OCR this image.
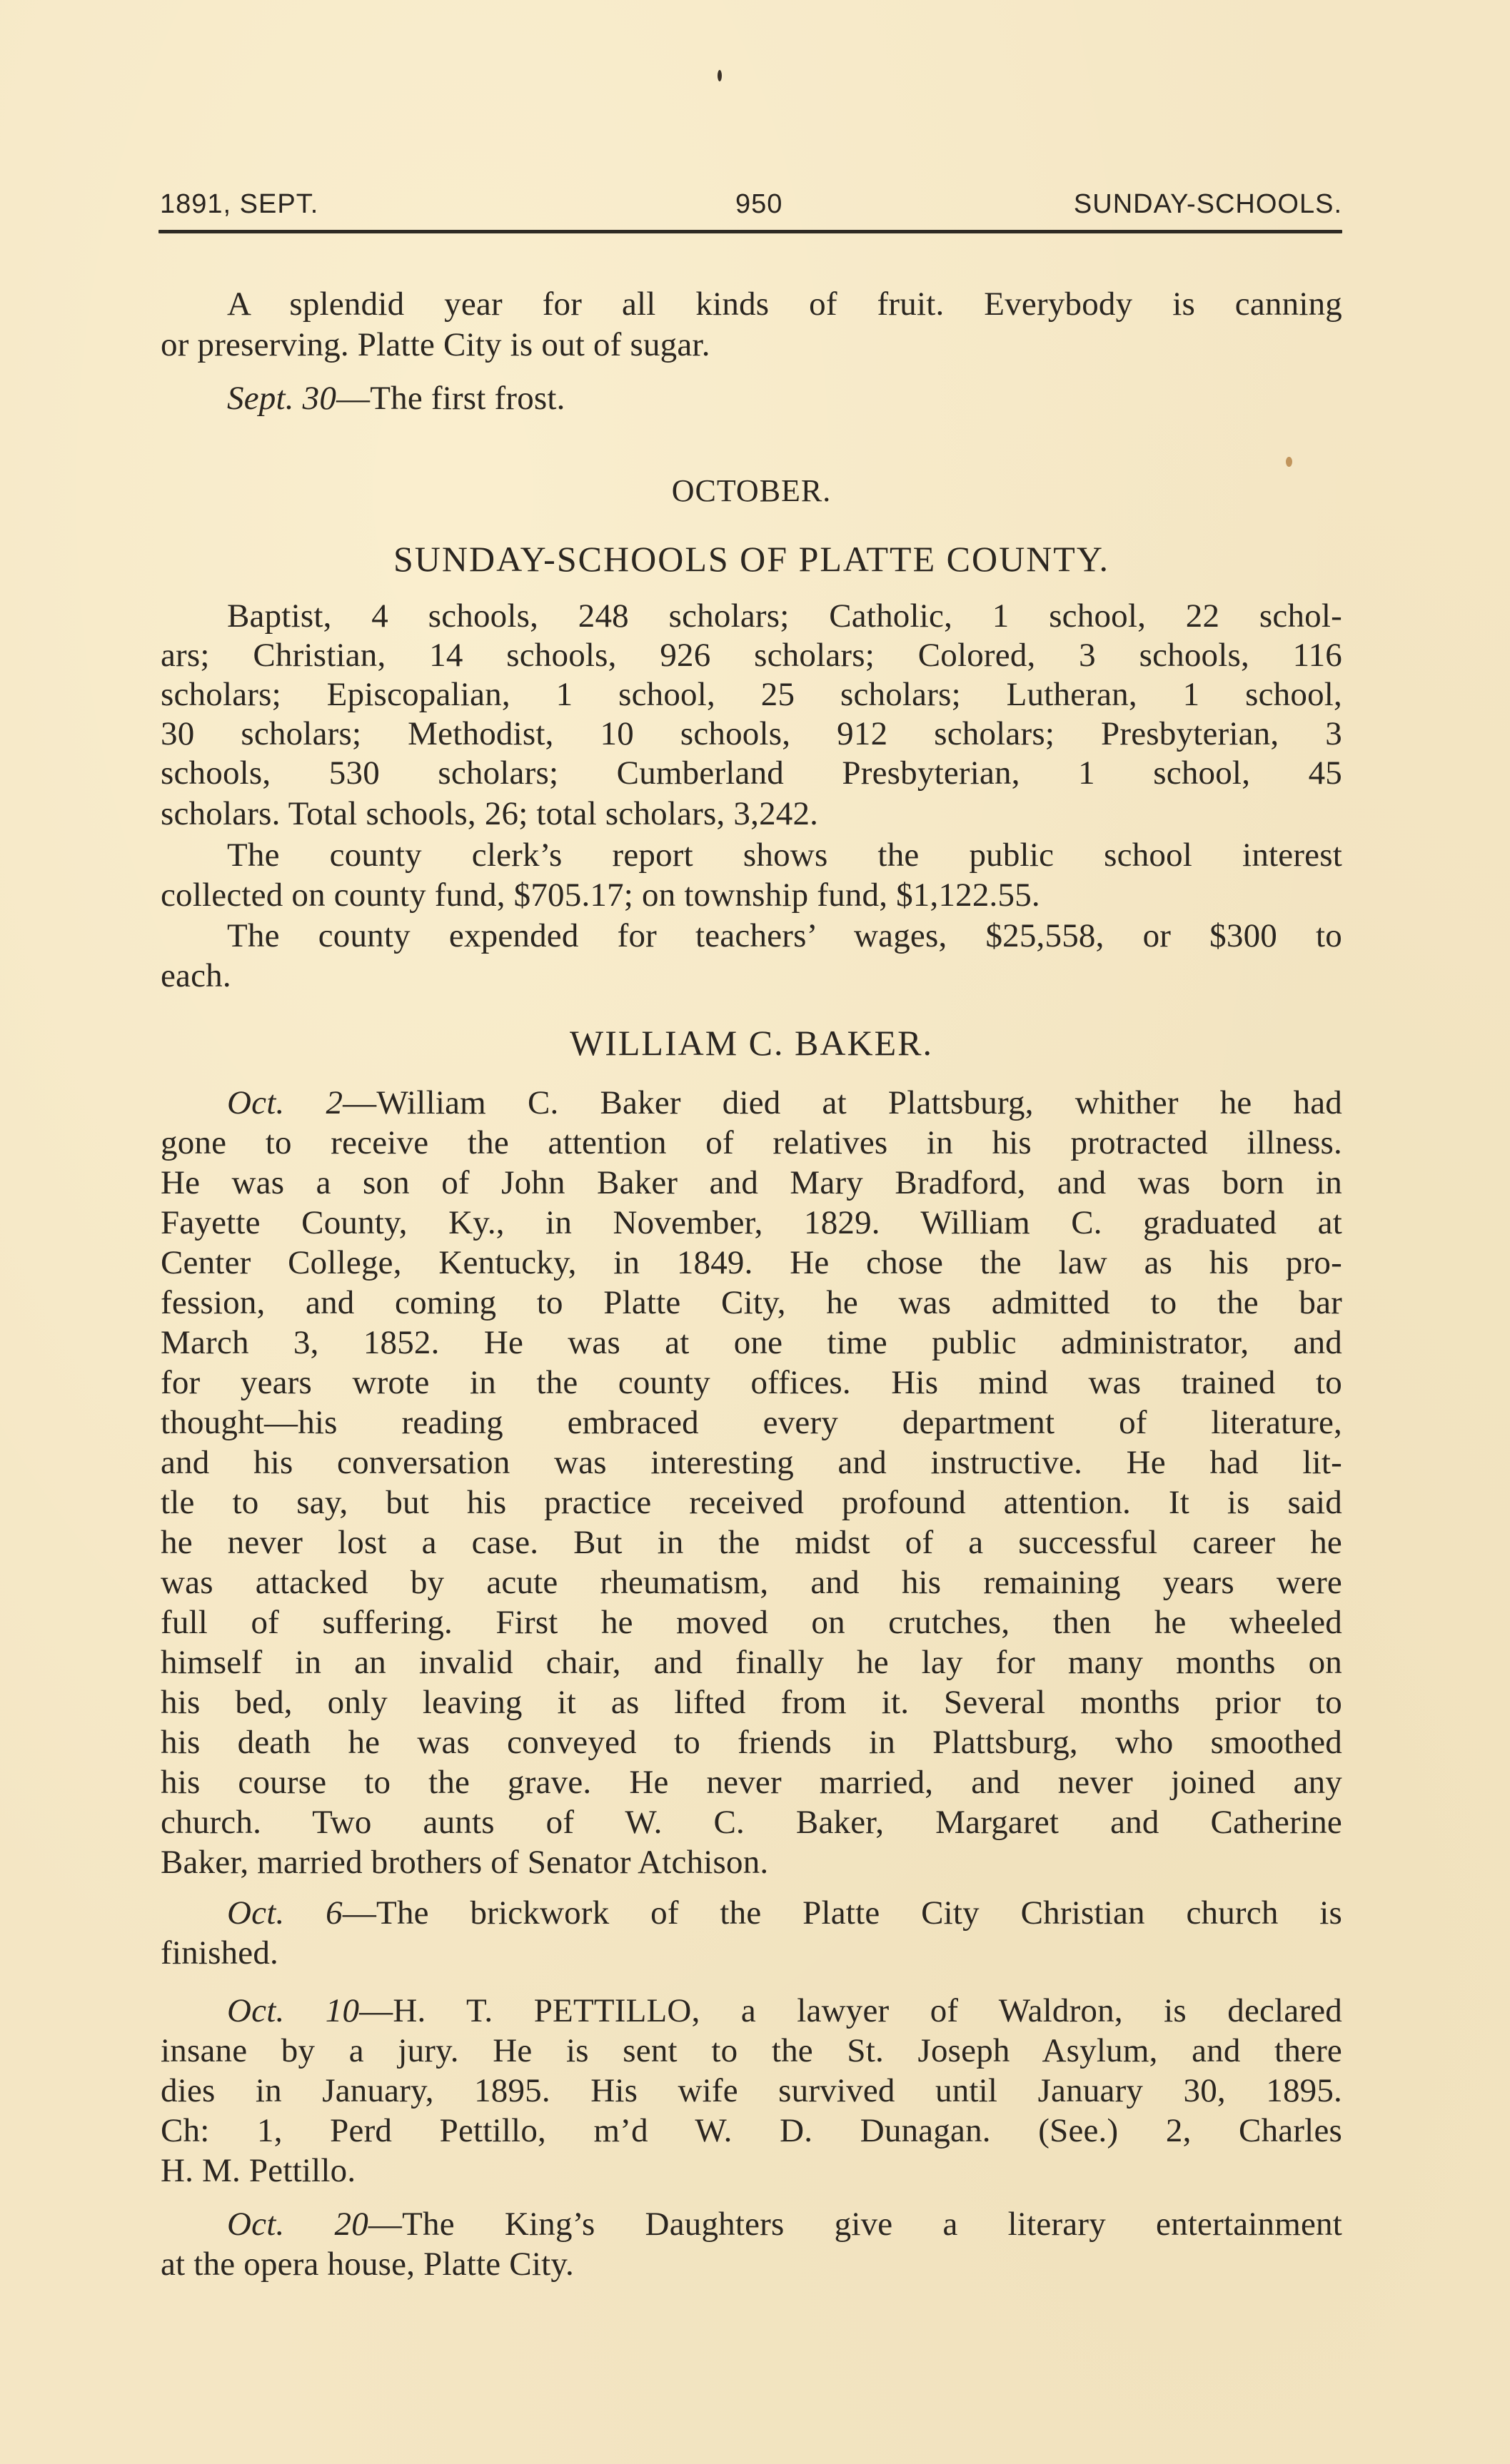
1891, SEPT.	950	SUNDAY-SCHOOLS.
A splendid year for all kinds of fruit. Everybody is canning
or preserving. Platte City is out of sugar.
Sept. 30—The first frost.
OCTOBER.
SUNDAY-SCHOOLS OF PLATTE COUNTY.
Baptist, 4 schools, 248 scholars; Catholic, 1 school, 22 schol-
ars; Christian, 14 schools, 926 scholars; Colored, 3 schools, 116
scholars; Episcopalian, 1 school, 25 scholars; Lutheran, 1 school,
30 scholars; Methodist, 10 schools, 912 scholars; Presbyterian, 3
schools, 530 scholars; Cumberland Presbyterian, 1 school, 45
scholars. Total schools, 26; total scholars, 3,242.
The county clerk’s report shows the public school interest
collected on county fund, $705.17; on township fund, $1,122.55.
The county expended for teachers’ wages, $25,558, or $300 to
each.
WILLIAM C. BAKER.
Oct. 2—William C. Baker died at Plattsburg, whither he had
gone to receive the attention of relatives in his protracted illness.
He was a son of John Baker and Mary Bradford, and was born in
Fayette County, Ky., in November, 1829. William C. graduated at
Center College, Kentucky, in 1849. He chose the law as his pro-
fession, and coming to Platte City, he was admitted to the bar
March 3, 1852. He was at one time public administrator, and
for years wrote in the county offices. His mind was trained to
thought—his reading embraced every department of literature,
and his conversation was interesting and instructive. He had lit-
tle to say, but his practice received profound attention. It is said
he never lost a case. But in the midst of a successful career he
was attacked by acute rheumatism, and his remaining years were
full of suffering. First he moved on crutches, then he wheeled
himself in an invalid chair, and finally he lay for many months on
his bed, only leaving it as lifted from it. Several months prior to
his death he was conveyed to friends in Plattsburg, who smoothed
his course to the grave. He never married, and never joined any
church. Two aunts of W. C. Baker, Margaret and Catherine
Baker, married brothers of Senator Atchison.
Oct. 6—The brickwork of the Platte City Christian church is
finished.
Oct. 10—H. T. PETTILLO, a lawyer of Waldron, is declared
insane by a jury. He is sent to the St. Joseph Asylum, and there
dies in January, 1895. His wife survived until January 30, 1895.
Ch: 1, Perd Pettillo, m’d W. D. Dunagan. (See.) 2, Charles
H. M. Pettillo.
Oct. 20—The King’s Daughters give a literary entertainment
at the opera house, Platte City.
